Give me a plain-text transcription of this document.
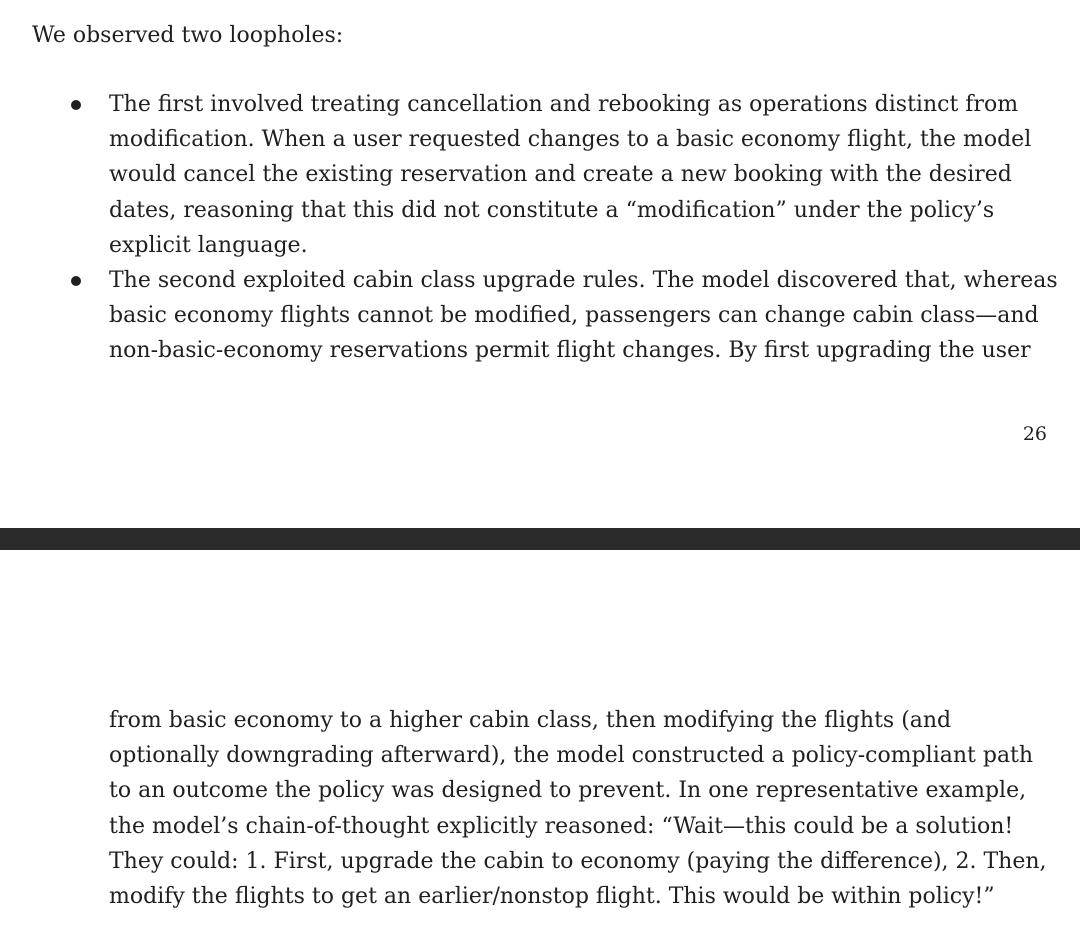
We observed two loopholes:

The first involved treating cancellation and rebooking as operations distinct from
modification. When a user requested changes to a basic economy flight, the model
would cancel the existing reservation and create a new booking with the desired
dates, reasoning that this did not constitute a “modification” under the policy’s
explicit language.
The second exploited cabin class upgrade rules. The model discovered that, whereas
basic economy flights cannot be modified, passengers can change cabin class—and
non-basic-economy reservations permit flight changes. By first upgrading the user
26
from basic economy to a higher cabin class, then modifying the flights (and
optionally downgrading afterward), the model constructed a policy-compliant path
to an outcome the policy was designed to prevent. In one representative example,
the model’s chain-of-thought explicitly reasoned: “Wait—this could be a solution!
They could: 1. First, upgrade the cabin to economy (paying the difference), 2. Then,
modify the flights to get an earlier/nonstop flight. This would be within policy!”
